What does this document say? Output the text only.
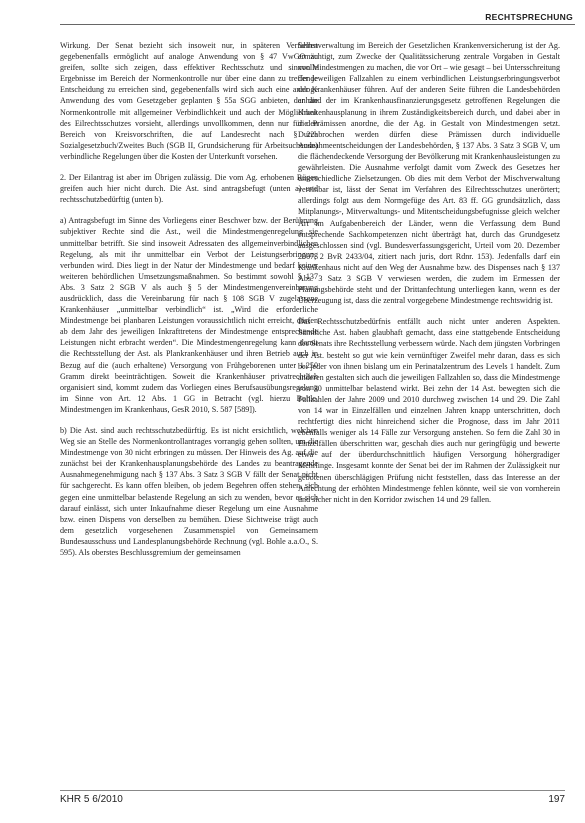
RECHTSPRECHUNG

Wirkung. Der Senat bezieht sich insoweit nur, in späteren Verfahren gegebenenfalls ermöglicht auf analoge Anwendung von § 47 VwGO zu greifen, sollte sich zeigen, dass effektiver Rechtsschutz und sinnvolle Ergebnisse im Bereich der Normenkontrolle nur über eine dann zu treffende Entscheidung zu erreichen sind, gegebenenfalls wird sich auch eine analoge Anwendung des vom Gesetzgeber geplanten § 55a SGG anbieten, der die Normenkontrolle mit allgemeiner Verbindlichkeit und auch der Möglichkeit des Eilrechtsschutzes vorsieht, allerdings unvollkommen, denn nur für den Bereich von Kreisvorschriften, die auf Landesrecht nach § 22a Sozialgesetzbuch/Zweites Buch (SGB II, Grundsicherung für Arbeitsuchende) verbindliche Regelungen über die Kosten der Unterkunft vorsehen.

2. Der Eilantrag ist aber im Übrigen zulässig. Die vom Ag. erhobenen Rügen greifen auch hier nicht durch. Die Ast. sind antragsbefugt (unten a) und rechtsschutzbedürftig (unten b).

a) Antragsbefugt im Sinne des Vorliegens einer Beschwer bzw. der Berührung subjektiver Rechte sind die Ast., weil die Mindestmengenregelung sie unmittelbar betrifft. Sie sind insoweit Adressaten des allgemeinverbindlichen Regelung, als mit ihr unmittelbar ein Verbot der Leistungserbringung verbunden wird. Dies liegt in der Natur der Mindestmenge und bedarf keiner weiteren behördlichen Umsetzungsmaßnahmen. So bestimmt sowohl § 137 Abs. 3 Satz 2 SGB V als auch § 5 der Mindestmengenvereinbarung ausdrücklich, dass die Vereinbarung für nach § 108 SGB V zugelassene Krankenhäuser „unmittelbar verbindlich“ ist. „Wird die erforderliche Mindestmenge bei planbaren Leistungen voraussichtlich nicht erreicht, dürfen ab dem Jahr des jeweiligen Inkrafttretens der Mindestmenge entsprechende Leistungen nicht erbracht werden“. Die Mindestmengenregelung kann damit die Rechtsstellung der Ast. als Plankrankenhäuser und ihren Betrieb auch in Bezug auf die (auch erhaltene) Versorgung von Frühgeborenen unter 1.250 Gramm direkt beeinträchtigen. Soweit die Krankenhäuser privatrechtlich organisiert sind, kommt zudem das Vorliegen eines Berufsausübungsregelung im Sinne von Art. 12 Abs. 1 GG in Betracht (vgl. hierzu Bohle, Mindestmengen im Krankenhaus, GesR 2010, S. 587 [589]).

b) Die Ast. sind auch rechtsschutzbedürftig. Es ist nicht ersichtlich, welchen Weg sie an Stelle des Normenkontrollantrages vorrangig gehen sollten, um die Mindestmenge von 30 nicht erbringen zu müssen. Der Hinweis des Ag. auf die zunächst bei der Krankenhausplanungsbehörde des Landes zu beantragende Ausnahmegenehmigung nach § 137 Abs. 3 Satz 3 SGB V fällt der Senat nicht für sachgerecht. Es kann offen bleiben, ob jedem Begehren offen stehen, sich gegen eine unmittelbar belastende Regelung an sich zu wenden, bevor es sich darauf einlässt, sich unter Inkaufnahme dieser Regelung um eine Ausnahme bzw. einen Dispens von derselben zu bemühen. Diese Sichtweise trägt auch dem gesetzlich vorgesehenen Zusammenspiel von Gemeinsamem Bundesausschuss und Landesplanungsbehörde Rechnung (vgl. Bohle a.a.O., S. 595). Als oberstes Beschlussgremium der gemeinsamen

Selbstverwaltung im Bereich der Gesetzlichen Krankenversicherung ist der Ag. ermächtigt, zum Zwecke der Qualitätssicherung zentrale Vorgaben in Gestalt von Mindestmengen zu machen, die vor Ort – wie gesagt – bei Untersschreitung der jeweiligen Fallzahlen zu einem verbindlichen Leistungserbringungsverbot der Krankenhäuser führen. Auf der anderen Seite führen die Landesbehörden anhand der im Krankenhausfinanzierungsgesetz getroffenen Regelungen die Krankenhausplanung in ihrem Zuständigkeitsbereich durch, und dabei aber in die Prämissen anordne, die der Ag. in Gestalt von Mindestmengen setzt. Durchbrochen werden dürfen diese Prämissen durch individuelle Ausnahmeentscheidungen der Landesbehörden, § 137 Abs. 3 Satz 3 SGB V, um die flächendeckende Versorgung der Bevölkerung mit Krankenhausleistungen zu gewährleisten. Die Ausnahme verfolgt damit vom Zweck des Gesetzes her unterschiedliche Zielsetzungen. Ob dies mit dem Verbot der Mischverwaltung vereinbar ist, lässt der Senat im Verfahren des Eilrechtsschutzes unerörtert; allerdings folgt aus dem Normgefüge des Art. 83 ff. GG grundsätzlich, dass Mitplanungs-, Mitverwaltungs- und Mitentscheidungsbefugnisse gleich welcher Art im Aufgabenbereich der Länder, wenn die Verfassung dem Bund entsprechende Sachkompetenzen nicht überträgt hat, durch das Grundgesetz ausgeschlossen sind (vgl. Bundesverfassungsgericht, Urteil vom 20. Dezember 2007, 2 BvR 2433/04, zitiert nach juris, dort Rdnr. 153). Jedenfalls darf ein Krankenhaus nicht auf den Weg der Ausnahme bzw. des Dispenses nach § 137 Abs. 3 Satz 3 SGB V verwiesen werden, die zudem im Ermessen der Planungsbehörde steht und der Drittanfechtung unterliegen kann, wenn es der Überzeugung ist, dass die zentral vorgegebene Mindestmenge rechtswidrig ist.

Das Rechtsschutzbedürfnis entfällt auch nicht unter anderen Aspekten. Sämtliche Ast. haben glaubhaft gemacht, dass eine stattgebende Entscheidung des Senats ihre Rechtsstellung verbessern würde. Nach dem jüngsten Vorbringen der Ast. besteht so gut wie kein vernünftiger Zweifel mehr daran, dass es sich bei jeder von ihnen bislang um ein Perinatalzentrum des Levels 1 handelt. Zum anderen gestalten sich auch die jeweiligen Fallzahlen so, dass die Mindestmenge von 30 unmittelbar belastend wirkt. Bei zehn der 14 Ast. bewegten sich die Fallzahlen der Jahre 2009 und 2010 durchweg zwischen 14 und 29. Die Zahl von 14 war in Einzelfällen und einzelnen Jahren knapp unterschritten, doch rechtfertigt dies nicht hinreichend sicher die Prognose, dass im Jahr 2011 ebenfalls weniger als 14 Fälle zur Versorgung anstehen. So fern die Zahl 30 in Einzelfällen überschritten war, geschah dies auch nur geringfügig und bewerte etwa auf der überdurchschnittlich häufigen Versorgung höhergradiger Mehrlinge. Insgesamt konnte der Senat bei der im Rahmen der Zulässigkeit nur gebotenen überschlägigen Prüfung nicht feststellen, dass das Interesse an der Anfechtung der erhöhten Mindestmenge fehlen könnte, weil sie von vornherein und sicher nicht in den Korridor zwischen 14 und 29 fallen.

KHR 5 6/2010	197
